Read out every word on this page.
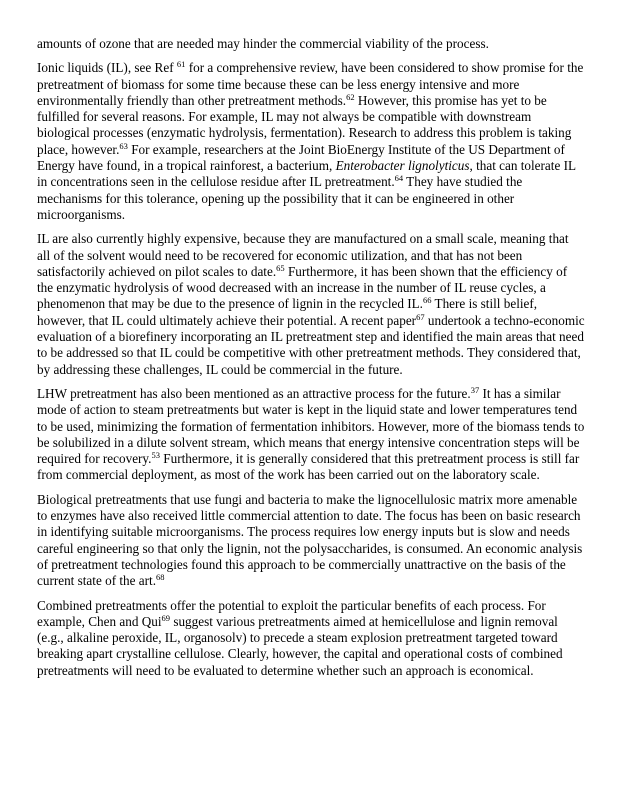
amounts of ozone that are needed may hinder the commercial viability of the process.

Ionic liquids (IL), see Ref $^{61}$ for a comprehensive review, have been considered to show promise for the pretreatment of biomass for some time because these can be less energy intensive and more environmentally friendly than other pretreatment methods.$^{62}$ However, this promise has yet to be fulfilled for several reasons. For example, IL may not always be compatible with downstream biological processes (enzymatic hydrolysis, fermentation). Research to address this problem is taking place, however.$^{63}$ For example, researchers at the Joint BioEnergy Institute of the US Department of Energy have found, in a tropical rainforest, a bacterium, Enterobacter lignolyticus, that can tolerate IL in concentrations seen in the cellulose residue after IL pretreatment.$^{64}$ They have studied the mechanisms for this tolerance, opening up the possibility that it can be engineered in other microorganisms.

IL are also currently highly expensive, because they are manufactured on a small scale, meaning that all of the solvent would need to be recovered for economic utilization, and that has not been satisfactorily achieved on pilot scales to date.$^{65}$ Furthermore, it has been shown that the efficiency of the enzymatic hydrolysis of wood decreased with an increase in the number of IL reuse cycles, a phenomenon that may be due to the presence of lignin in the recycled IL.$^{66}$ There is still belief, however, that IL could ultimately achieve their potential. A recent paper$^{67}$ undertook a techno-economic evaluation of a biorefinery incorporating an IL pretreatment step and identified the main areas that need to be addressed so that IL could be competitive with other pretreatment methods. They considered that, by addressing these challenges, IL could be commercial in the future.

LHW pretreatment has also been mentioned as an attractive process for the future.$^{37}$ It has a similar mode of action to steam pretreatments but water is kept in the liquid state and lower temperatures tend to be used, minimizing the formation of fermentation inhibitors. However, more of the biomass tends to be solubilized in a dilute solvent stream, which means that energy intensive concentration steps will be required for recovery.$^{53}$ Furthermore, it is generally considered that this pretreatment process is still far from commercial deployment, as most of the work has been carried out on the laboratory scale.

Biological pretreatments that use fungi and bacteria to make the lignocellulosic matrix more amenable to enzymes have also received little commercial attention to date. The focus has been on basic research in identifying suitable microorganisms. The process requires low energy inputs but is slow and needs careful engineering so that only the lignin, not the polysaccharides, is consumed. An economic analysis of pretreatment technologies found this approach to be commercially unattractive on the basis of the current state of the art.$^{68}$

Combined pretreatments offer the potential to exploit the particular benefits of each process. For example, Chen and Qui$^{69}$ suggest various pretreatments aimed at hemicellulose and lignin removal (e.g., alkaline peroxide, IL, organosolv) to precede a steam explosion pretreatment targeted toward breaking apart crystalline cellulose. Clearly, however, the capital and operational costs of combined pretreatments will need to be evaluated to determine whether such an approach is economical.
